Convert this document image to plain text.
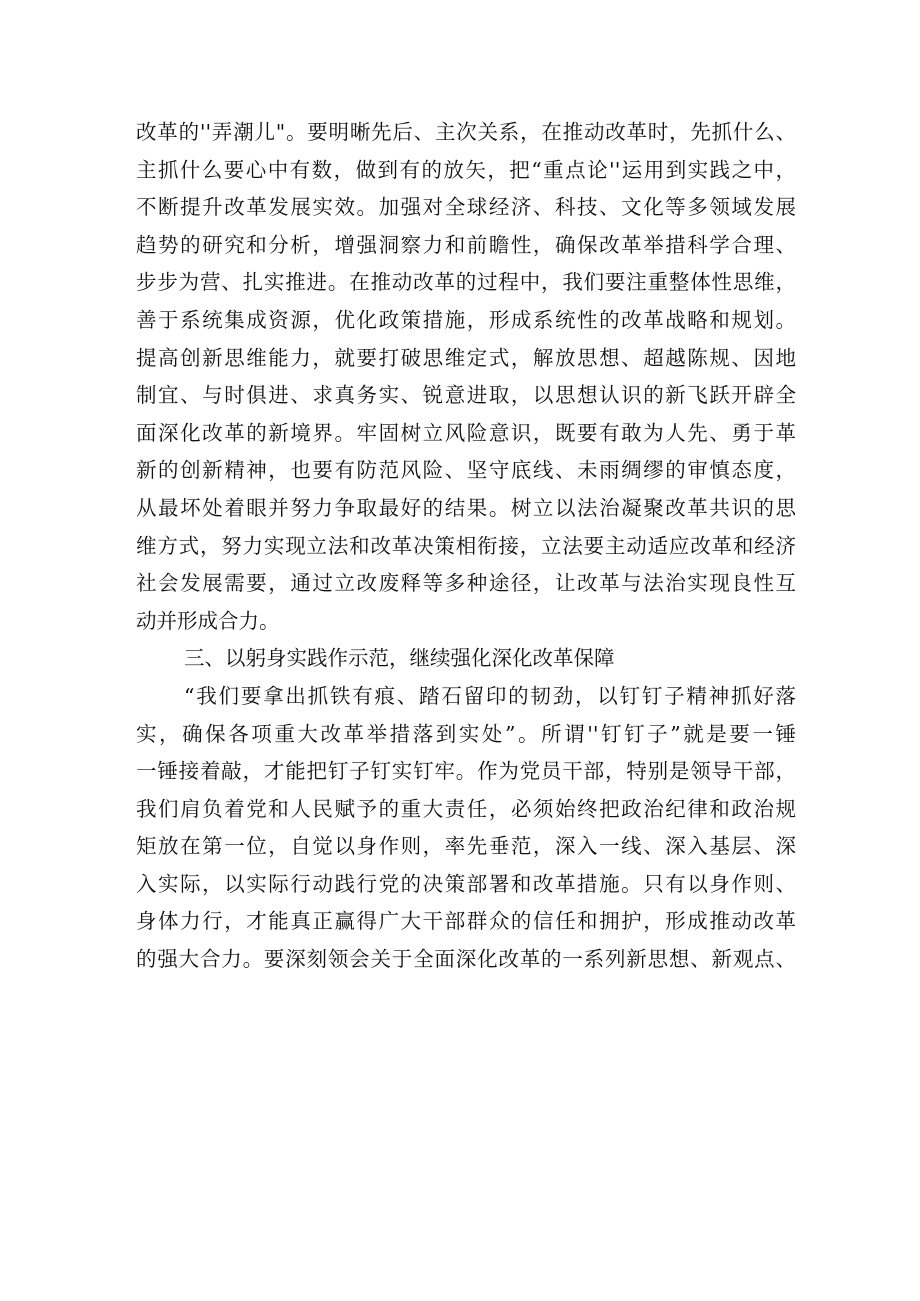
改革的''弄潮儿"。要明晰先后、主次关系，在推动改革时，先抓什么、
主抓什么要心中有数，做到有的放矢，把“重点论''运用到实践之中，
不断提升改革发展实效。加强对全球经济、科技、文化等多领域发展
趋势的研究和分析，增强洞察力和前瞻性，确保改革举措科学合理、
步步为营、扎实推进。在推动改革的过程中，我们要注重整体性思维，
善于系统集成资源，优化政策措施，形成系统性的改革战略和规划。
提高创新思维能力，就要打破思维定式，解放思想、超越陈规、因地
制宜、与时俱进、求真务实、锐意进取，以思想认识的新飞跃开辟全
面深化改革的新境界。牢固树立风险意识，既要有敢为人先、勇于革
新的创新精神，也要有防范风险、坚守底线、未雨绸缪的审慎态度，
从最坏处着眼并努力争取最好的结果。树立以法治凝聚改革共识的思
维方式，努力实现立法和改革决策相衔接，立法要主动适应改革和经济
社会发展需要，通过立改废释等多种途径，让改革与法治实现良性互
动并形成合力。
三、以躬身实践作示范，继续强化深化改革保障
“我们要拿出抓铁有痕、踏石留印的韧劲，以钉钉子精神抓好落
实，确保各项重大改革举措落到实处”。所谓''钉钉子”就是要一锤
一锤接着敲，才能把钉子钉实钉牢。作为党员干部，特别是领导干部，
我们肩负着党和人民赋予的重大责任，必须始终把政治纪律和政治规
矩放在第一位，自觉以身作则，率先垂范，深入一线、深入基层、深
入实际，以实际行动践行党的决策部署和改革措施。只有以身作则、
身体力行，才能真正赢得广大干部群众的信任和拥护，形成推动改革
的强大合力。要深刻领会关于全面深化改革的一系列新思想、新观点、
